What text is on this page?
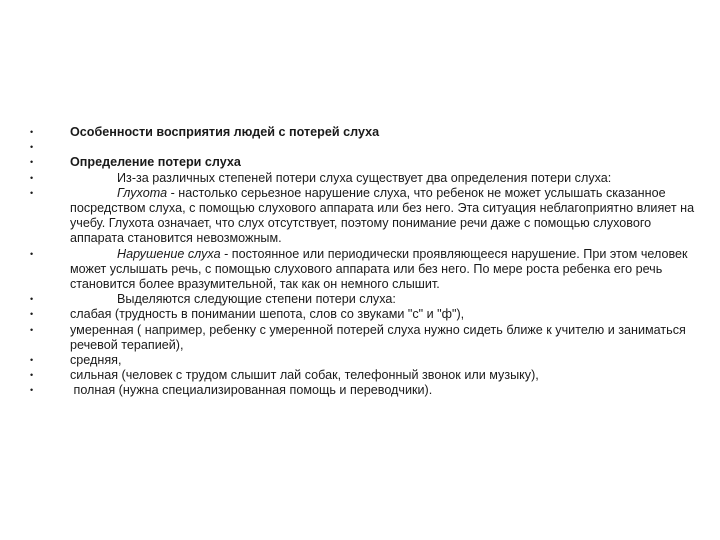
•	Особенности восприятия людей с потерей слуха
•
•	Определение потери слуха
•	Из-за различных степеней потери слуха существует два определения потери слуха:
•	Глухота - настолько серьезное нарушение слуха, что ребенок не может услышать сказанное посредством слуха, с помощью слухового аппарата или без него. Эта ситуация неблагоприятно влияет на учебу. Глухота означает, что слух отсутствует, поэтому понимание речи даже с помощью слухового аппарата становится невозможным.
•	Нарушение слуха - постоянное или периодически проявляющееся нарушение. При этом человек может услышать речь, с помощью слухового аппарата или без него. По мере роста ребенка его речь становится более вразумительной, так как он немного слышит.
•	Выделяются следующие степени потери слуха:
•	слабая (трудность в понимании шепота, слов со звуками "с" и "ф"),
•	умеренная ( например, ребенку с умеренной потерей слуха нужно сидеть ближе к учителю и заниматься речевой терапией),
•	средняя,
•	сильная (человек с трудом слышит лай собак, телефонный звонок или музыку),
•	полная (нужна специализированная помощь и переводчики).
